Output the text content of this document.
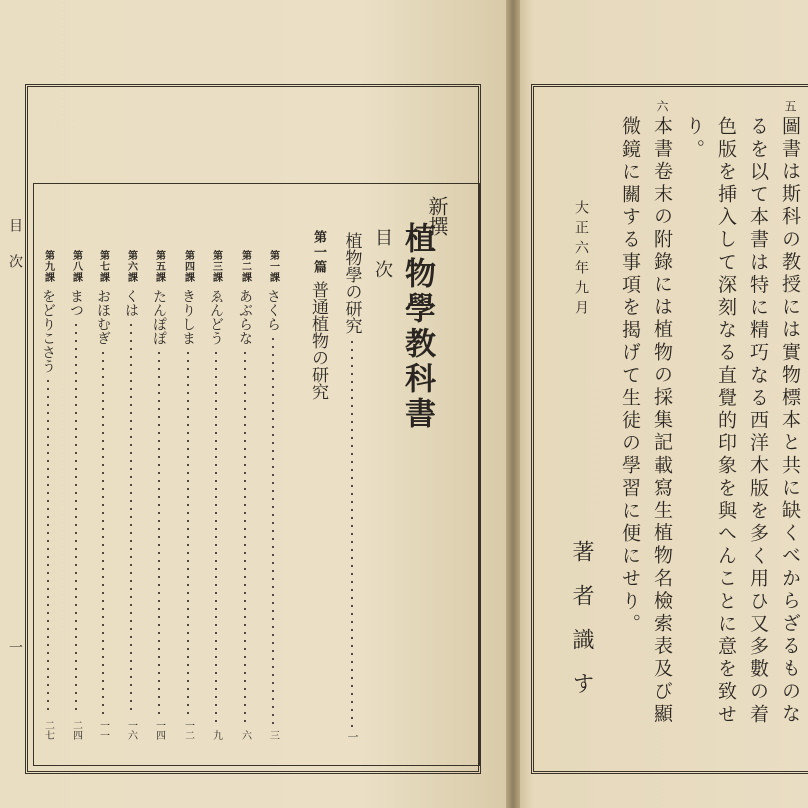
目次
一
新撰
植物學教科書
目次
植物學の研究
一
第一篇普通植物の研究
第一課
さくら
三
第二課
あぶらな
六
第三課
ゑんどう
九
第四課
きりしま
一二
第五課
たんぽぽ
一四
第六課
くは
一六
第七課
おほむぎ
一一
第八課
まつ
二四
第九課
をどりこさう
二七
五圖書は斯科の教授には實物標本と共に缺くべからざるものな
るを以て本書は特に精巧なる西洋木版を多く用ひ又多數の着
色版を挿入して深刻なる直覺的印象を與へんことに意を致せ
り。
六本書卷末の附錄には植物の採集記載寫生植物名檢索表及び顯
微鏡に關する事項を揭げて生徒の學習に便にせり。
大正六年九月
著者識す
